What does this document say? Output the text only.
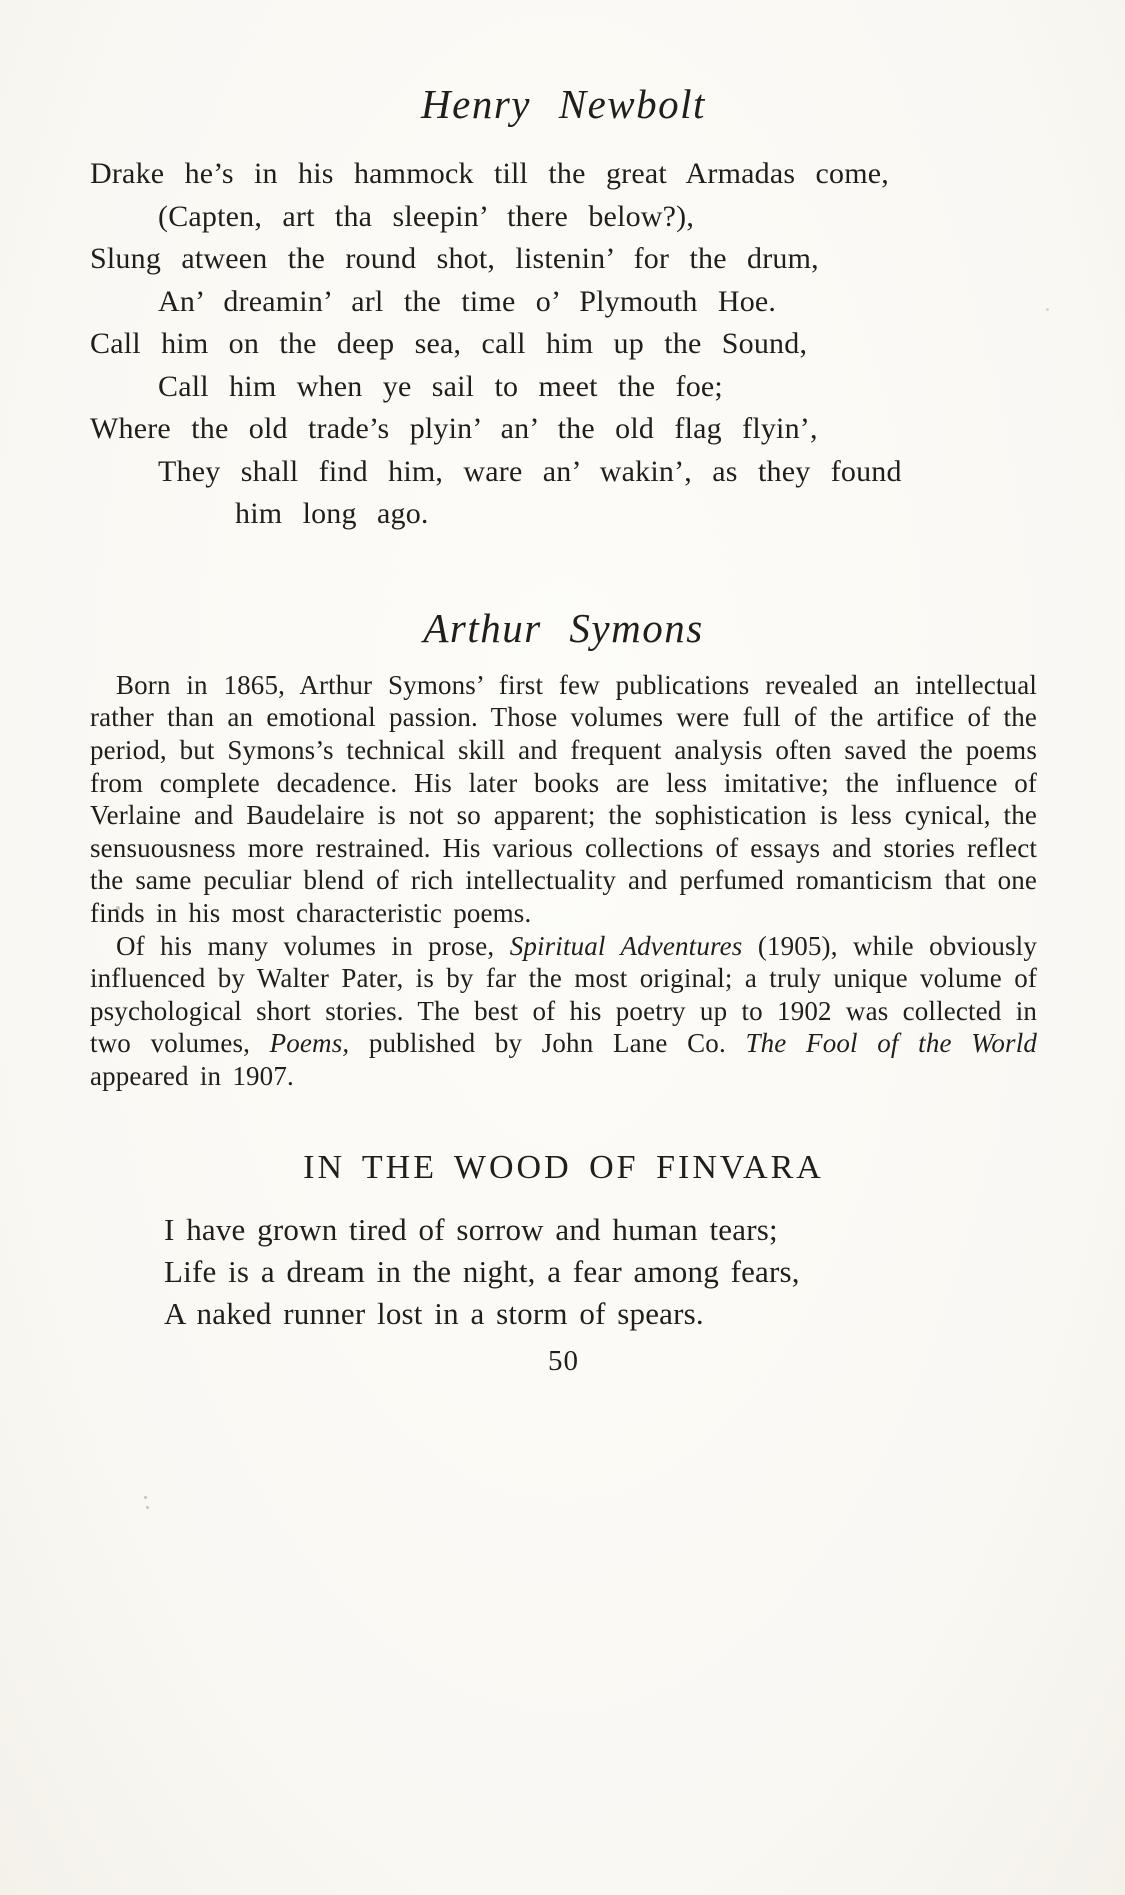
Henry Newbolt
Drake he’s in his hammock till the great Armadas come,
(Capten, art tha sleepin’ there below?),
Slung atween the round shot, listenin’ for the drum,
An’ dreamin’ arl the time o’ Plymouth Hoe.
Call him on the deep sea, call him up the Sound,
Call him when ye sail to meet the foe;
Where the old trade’s plyin’ an’ the old flag flyin’,
They shall find him, ware an’ wakin’, as they found
him long ago.
Arthur Symons

Born in 1865, Arthur Symons’ first few publications revealed an intellectual rather than an emotional passion. Those volumes were full of the artifice of the period, but Symons’s technical skill and frequent analysis often saved the poems from complete decadence. His later books are less imitative; the influence of Verlaine and Baudelaire is not so apparent; the sophistication is less cynical, the sensuousness more restrained. His various collections of essays and stories reflect the same peculiar blend of rich intellectuality and perfumed romanticism that one finds in his most characteristic poems.

Of his many volumes in prose, Spiritual Adventures (1905), while obviously influenced by Walter Pater, is by far the most original; a truly unique volume of psychological short stories. The best of his poetry up to 1902 was collected in two volumes, Poems, published by John Lane Co. The Fool of the World appeared in 1907.

IN THE WOOD OF FINVARA
I have grown tired of sorrow and human tears;
Life is a dream in the night, a fear among fears,
A naked runner lost in a storm of spears.
50
